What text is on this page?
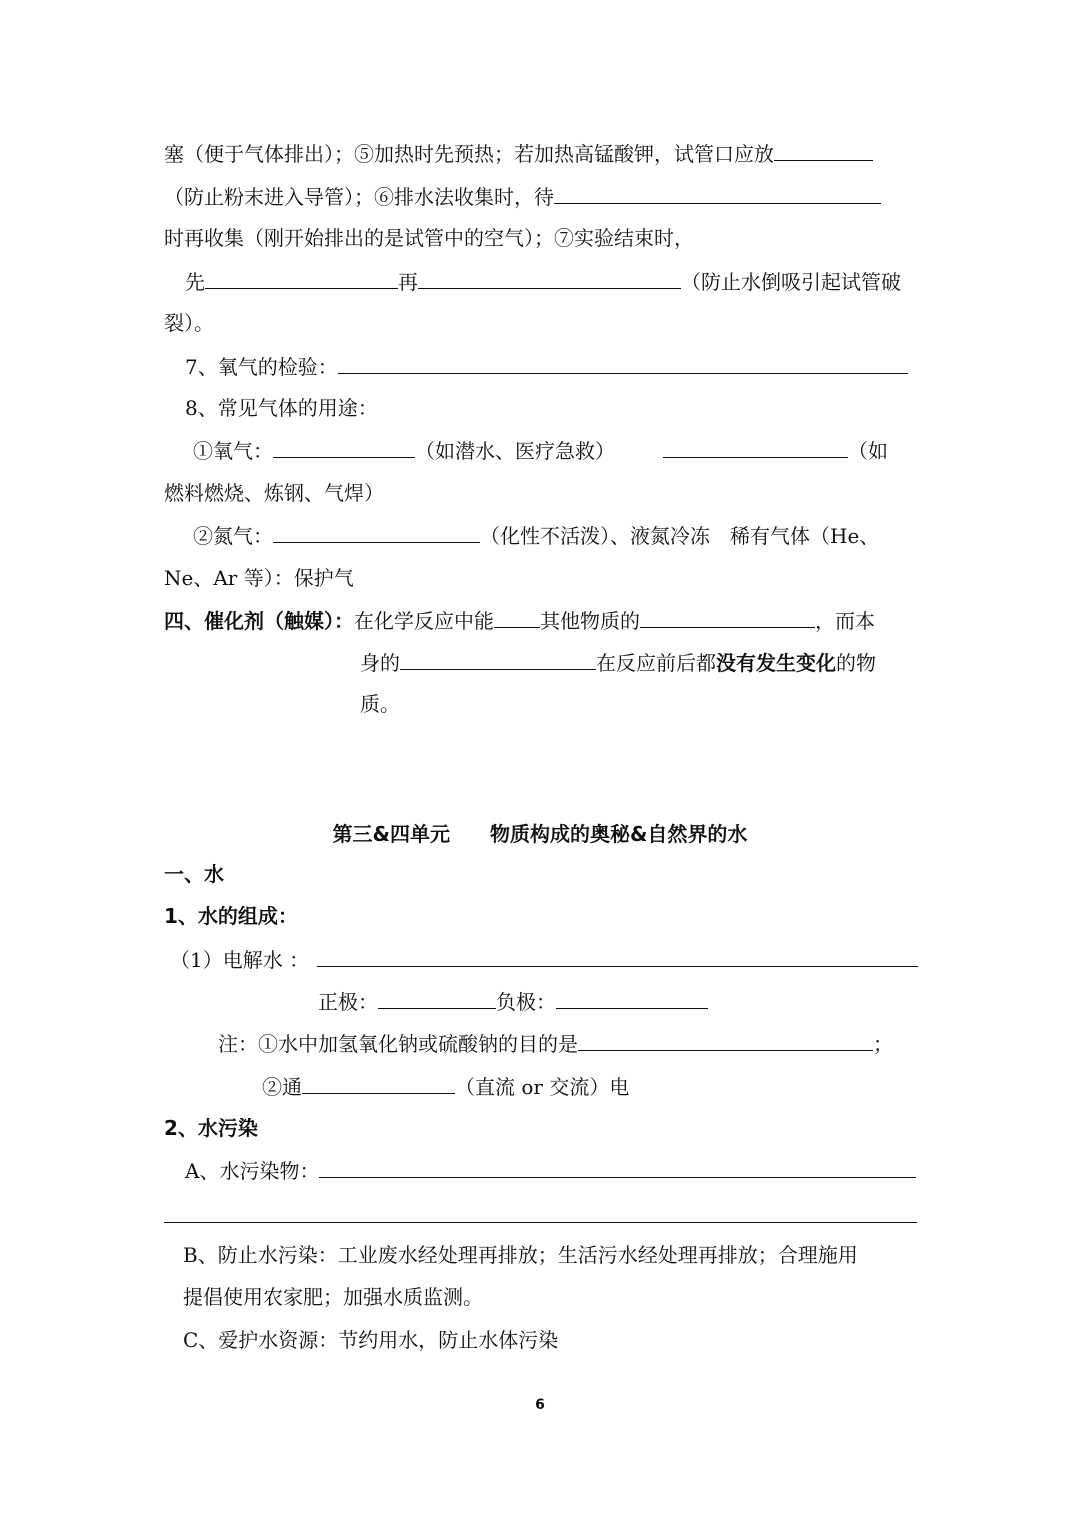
塞（便于气体排出）；⑤加热时先预热；若加热高锰酸钾，试管口应放
（防止粉末进入导管）；⑥排水法收集时，待
时再收集（刚开始排出的是试管中的空气）；⑦实验结束时，
先	再	（防止水倒吸引起试管破
裂）。
7、氧气的检验：
8、常见气体的用途：
①氧气：	（如潜水、医疗急救）	（如
燃料燃烧、炼钢、气焊）
②氮气：	（化性不活泼）、液氮冷冻　稀有气体（He、
Ne、Ar 等）：保护气
四、催化剂（触媒）：在化学反应中能 其他物质的	，而本
身的	在反应前后都没有发生变化的物
质。
第三&四单元　　物质构成的奥秘&自然界的水
一、水
1、水的组成：
（1）电解水 ：
正极：	负极：
注：①水中加氢氧化钠或硫酸钠的目的是	；
②通	（直流 or 交流）电
2、水污染
A、水污染物：
B、防止水污染：工业废水经处理再排放；生活污水经处理再排放；合理施用
提倡使用农家肥；加强水质监测。
C、爱护水资源：节约用水，防止水体污染
6
